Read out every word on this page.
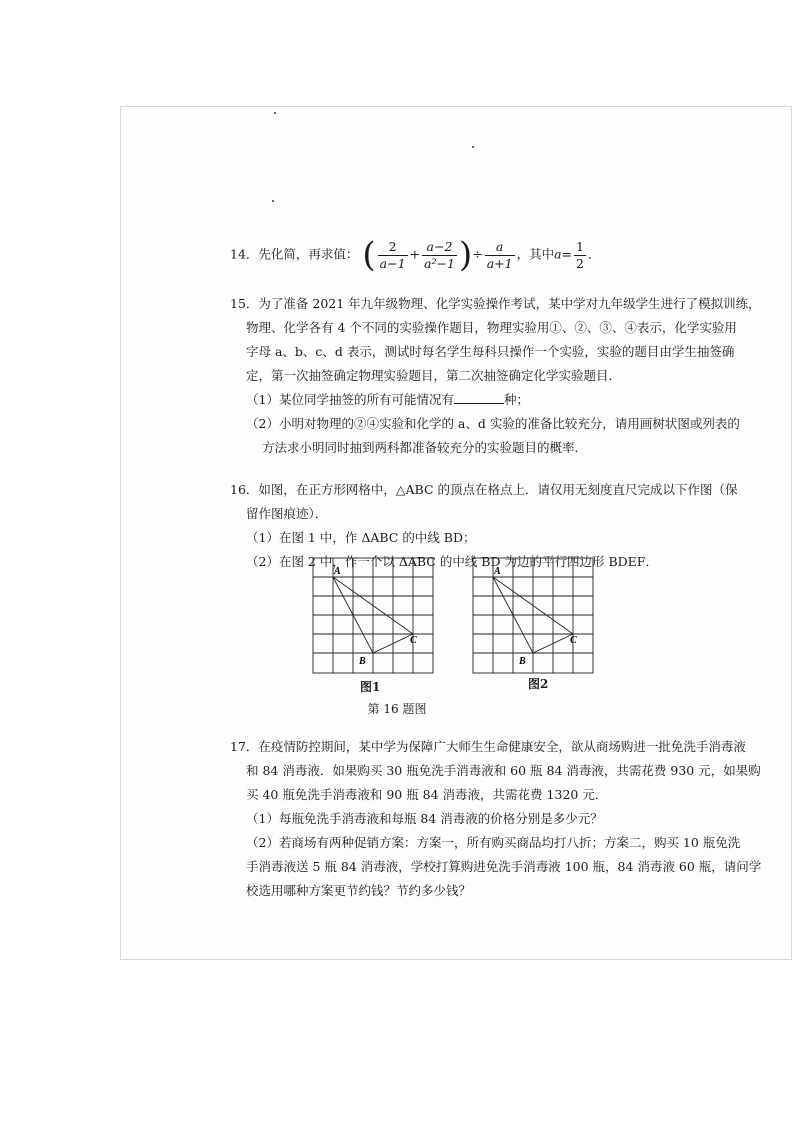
14．先化简，再求值： ( $\frac{2}{a-1} + \frac{a-2}{\text{a²−1}}$ )÷ $\frac{a}{a+1}$ ，其中$a= \frac{1}{2}$ ．
15．为了准备 2021 年九年级物理、化学实验操作考试，某中学对九年级学生进行了模拟训练，
物理、化学各有 4 个不同的实验操作题目，物理实验用①、②、③、④表示，化学实验用
字母 a、b、c、d 表示，测试时每名学生每科只操作一个实验，实验的题目由学生抽签确
定，第一次抽签确定物理实验题目，第二次抽签确定化学实验题目．
（1）某位同学抽签的所有可能情况有	种；
（2）小明对物理的②④实验和化学的 a、d 实验的准备比较充分，请用画树状图或列表的
方法求小明同时抽到两科都准备较充分的实验题目的概率．
16．如图，在正方形网格中，△ABC 的顶点在格点上．请仅用无刻度直尺完成以下作图（保
留作图痕迹）．
（1）在图 1 中，作 ΔABC 的中线 BD；
（2）在图 2 中，作一个以 ΔABC 的中线 BD 为边的平行四边形 BDEF．
A
B
C
图1
A
B
C
图2
第 16 题图
17．在疫情防控期间，某中学为保障广大师生生命健康安全，欲从商场购进一批免洗手消毒液
和 84 消毒液．如果购买 30 瓶免洗手消毒液和 60 瓶 84 消毒液，共需花费 930 元，如果购
买 40 瓶免洗手消毒液和 90 瓶 84 消毒液，共需花费 1320 元．
（1）每瓶免洗手消毒液和每瓶 84 消毒液的价格分别是多少元？
（2）若商场有两种促销方案：方案一，所有购买商品均打八折；方案二，购买 10 瓶免洗
手消毒液送 5 瓶 84 消毒液，学校打算购进免洗手消毒液 100 瓶，84 消毒液 60 瓶，请问学
校选用哪种方案更节约钱？节约多少钱？
